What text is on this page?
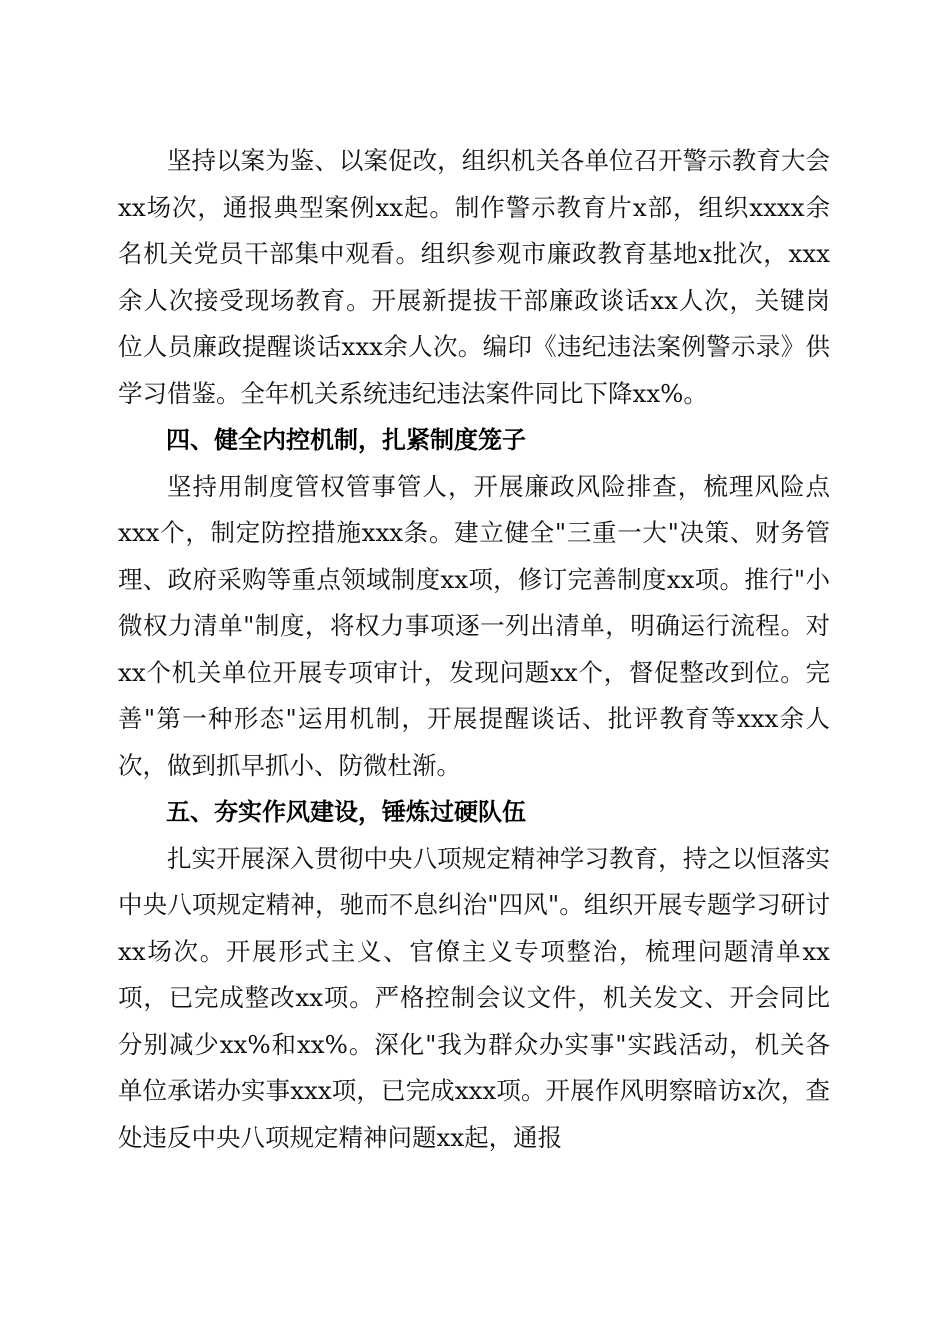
坚持以案为鉴、以案促改，组织机关各单位召开警示教育大会xx场次，通报典型案例xx起。制作警示教育片x部，组织xxxx余名机关党员干部集中观看。组织参观市廉政教育基地x批次，xxx余人次接受现场教育。开展新提拔干部廉政谈话xx人次，关键岗位人员廉政提醒谈话xxx余人次。编印《违纪违法案例警示录》供学习借鉴。全年机关系统违纪违法案件同比下降xx%。

四、健全内控机制，扎紧制度笼子

坚持用制度管权管事管人，开展廉政风险排查，梳理风险点xxx个，制定防控措施xxx条。建立健全"三重一大"决策、财务管理、政府采购等重点领域制度xx项，修订完善制度xx项。推行"小微权力清单"制度，将权力事项逐一列出清单，明确运行流程。对xx个机关单位开展专项审计，发现问题xx个，督促整改到位。完善"第一种形态"运用机制，开展提醒谈话、批评教育等xxx余人次，做到抓早抓小、防微杜渐。

五、夯实作风建设，锤炼过硬队伍

扎实开展深入贯彻中央八项规定精神学习教育，持之以恒落实中央八项规定精神，驰而不息纠治"四风"。组织开展专题学习研讨xx场次。开展形式主义、官僚主义专项整治，梳理问题清单xx项，已完成整改xx项。严格控制会议文件，机关发文、开会同比分别减少xx%和xx%。深化"我为群众办实事"实践活动，机关各单位承诺办实事xxx项，已完成xxx项。开展作风明察暗访x次，查处违反中央八项规定精神问题xx起，通报
